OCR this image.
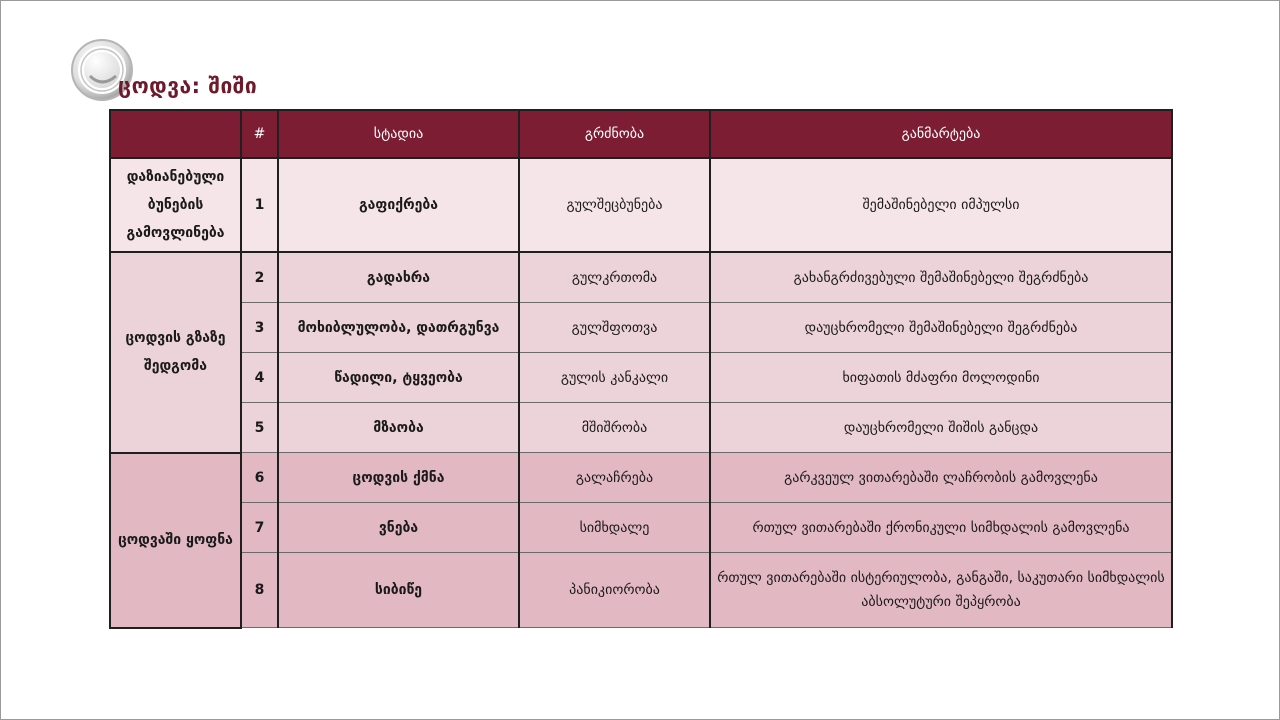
ცოდვა: შიში
	#	სტადია	გრძნობა	განმარტება
დაზიანებული ბუნების გამოვლინება	1	გაფიქრება	გულშეცბუნება	შემაშინებელი იმპულსი
ცოდვის გზაზე შედგომა	2	გადახრა	გულკრთომა	გახანგრძივებული შემაშინებელი შეგრძნება
	3	მოხიბლულობა, დათრგუნვა	გულშფოთვა	დაუცხრომელი შემაშინებელი შეგრძნება
	4	წადილი, ტყვეობა	გულის კანკალი	ხიფათის მძაფრი მოლოდინი
	5	მზაობა	მშიშრობა	დაუცხრომელი შიშის განცდა
ცოდვაში ყოფნა	6	ცოდვის ქმნა	გალაჩრება	გარკვეულ ვითარებაში ლაჩრობის გამოვლენა
	7	ვნება	სიმხდალე	რთულ ვითარებაში ქრონიკული სიმხდალის გამოვლენა
	8	სიბიწე	პანიკიორობა	რთულ ვითარებაში ისტერიულობა, განგაში, საკუთარი სიმხდალის აბსოლუტური შეპყრობა
